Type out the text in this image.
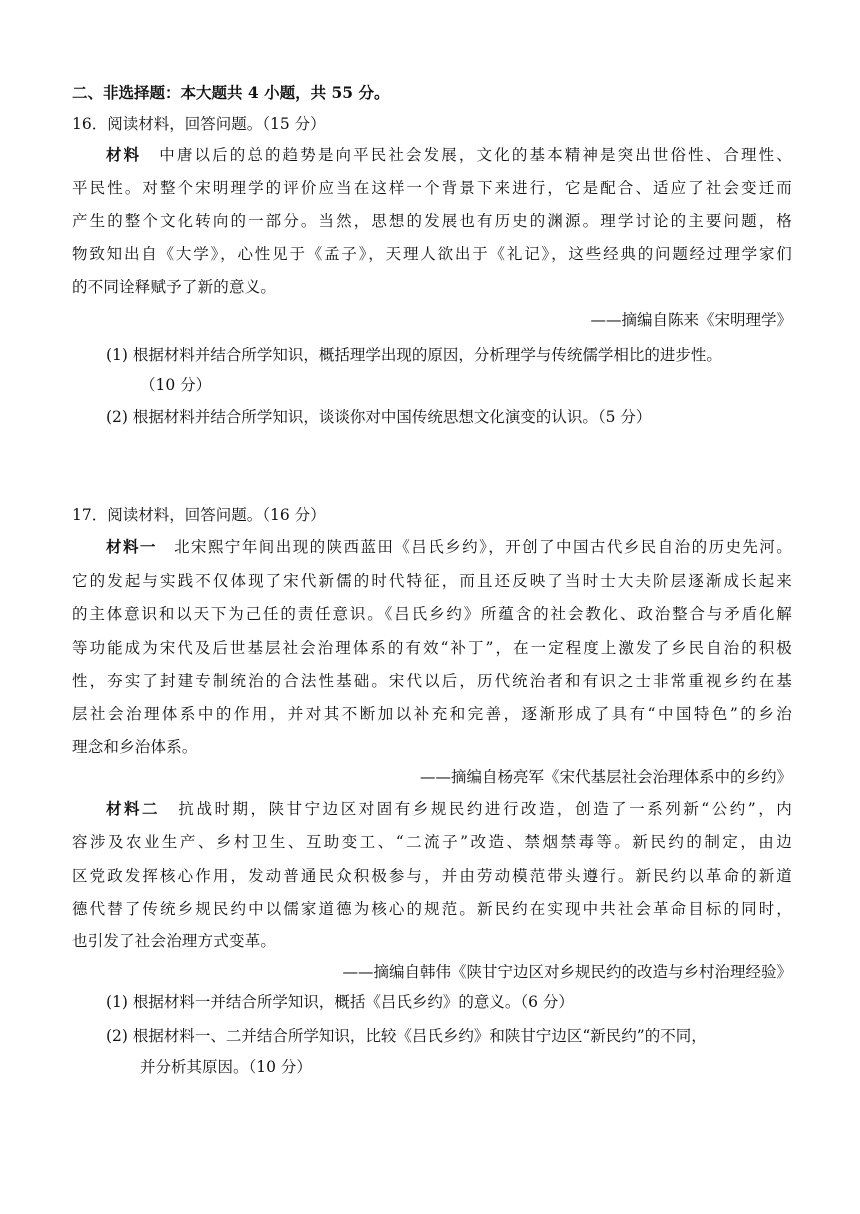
二、非选择题：本大题共 4 小题，共 55 分。
16．阅读材料，回答问题。（15 分）
材料 中唐以后的总的趋势是向平民社会发展，文化的基本精神是突出世俗性、合理性、
平民性。对整个宋明理学的评价应当在这样一个背景下来进行，它是配合、适应了社会变迁而
产生的整个文化转向的一部分。当然，思想的发展也有历史的渊源。理学讨论的主要问题，格
物致知出自《大学》，心性见于《孟子》，天理人欲出于《礼记》，这些经典的问题经过理学家们
的不同诠释赋予了新的意义。
——摘编自陈来《宋明理学》
(1) 根据材料并结合所学知识，概括理学出现的原因，分析理学与传统儒学相比的进步性。
（10 分）
(2) 根据材料并结合所学知识，谈谈你对中国传统思想文化演变的认识。（5 分）
17．阅读材料，回答问题。（16 分）
材料一 北宋熙宁年间出现的陕西蓝田《吕氏乡约》，开创了中国古代乡民自治的历史先河。
它的发起与实践不仅体现了宋代新儒的时代特征，而且还反映了当时士大夫阶层逐渐成长起来
的主体意识和以天下为己任的责任意识。《吕氏乡约》所蕴含的社会教化、政治整合与矛盾化解
等功能成为宋代及后世基层社会治理体系的有效“补丁”，在一定程度上激发了乡民自治的积极
性，夯实了封建专制统治的合法性基础。宋代以后，历代统治者和有识之士非常重视乡约在基
层社会治理体系中的作用，并对其不断加以补充和完善，逐渐形成了具有“中国特色”的乡治
理念和乡治体系。
——摘编自杨亮军《宋代基层社会治理体系中的乡约》
材料二 抗战时期，陕甘宁边区对固有乡规民约进行改造，创造了一系列新“公约”，内
容涉及农业生产、乡村卫生、互助变工、“二流子”改造、禁烟禁毒等。新民约的制定，由边
区党政发挥核心作用，发动普通民众积极参与，并由劳动模范带头遵行。新民约以革命的新道
德代替了传统乡规民约中以儒家道德为核心的规范。新民约在实现中共社会革命目标的同时，
也引发了社会治理方式变革。
——摘编自韩伟《陕甘宁边区对乡规民约的改造与乡村治理经验》
(1) 根据材料一并结合所学知识，概括《吕氏乡约》的意义。（6 分）
(2) 根据材料一、二并结合所学知识，比较《吕氏乡约》和陕甘宁边区“新民约”的不同，
并分析其原因。（10 分）
